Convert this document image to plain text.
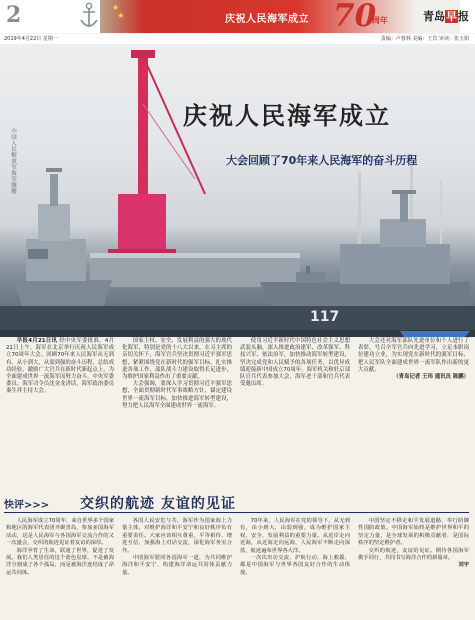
2	★
★	庆祝人民海军成立 70
周年	青岛早报
2019年4月22日 星期一	责编：卢蓉林 美编：王宾 审读：张玉娟
中国人民解放军海军舰艇
庆祝人民海军成立
大会回顾了70年来人民海军的奋斗历程
117

早报4月21日讯 经中央军委批准，4月21日上午，海军在北京举行庆祝人民海军成立70周年大会。回顾70年来人民海军从无到有、从小到大、从弱到强的奋斗历程，总结成功经验，激励广大官兵在新时代新起点上，为全面建成世界一流海军而努力奋斗。中央军委委员、海军司令员沈金龙讲话，海军政治委员秦生祥主持大会。

国家主权、安全、发展利益的强大的现代化海军，特别是党的十八大以来，在习主席的亲切关怀下，海军官兵坚决贯彻习近平强军思想，紧紧围绕党在新时代的强军目标，扎实推进各项工作，部队战斗力建设取得长足进步，为维护国家利益作出了重要贡献。

大会强调，要深入学习贯彻习近平强军思想，全面贯彻新时代军事战略方针，锚定建设世界一流海军目标，加快推进海军转型建设，努力把人民海军全面建成世界一流海军。

使用习近平新时代中国特色社会主义思想武装头脑，深入推进政治建军、改革强军、科技兴军、依法治军，加快推动海军转型建设，坚决完成党和人民赋予的各项任务，以优异成绩迎接新中国成立70周年。海军机关和驻京部队官兵代表参加大会，海军老干部和官兵代表受邀出席。

大会还对海军部队先进单位和个人进行了表彰，号召全军官兵向先进学习，立足本职岗位建功立业，为实现党在新时代的强军目标、把人民军队全面建成世界一流军队作出新的更大贡献。

（青岛记者 王玮 通讯员 陈鹏）
快评>>> 交织的航迹 友谊的见证

人民海军成立70周年，来自世界多个国家和地区的海军代表团齐聚青岛，参加多国海军活动，这是人民海军与各国海军交流合作的又一次盛会，交织的航迹见证着友谊的深厚。

海洋孕育了生命，联通了世界，促进了发展。我们人类居住的这个蓝色星球，不是被海洋分割成了各个孤岛，而是被海洋连结成了命运共同体。

各国人民安危与共，海军作为国家海上力量主体，对维护海洋和平安宁和良好秩序负有重要责任。大家应该相互尊重、平等相待、增进互信，加强海上对话交流，深化海军务实合作。

中国海军愿同各国海军一道，为共同维护海洋和平安宁、构建海洋命运共同体贡献力量。

70年来，人民海军在党的领导下，从无到有，由小到大，由弱到强，成为维护国家主权、安全、发展利益的重要力量。从近岸走向近海，从近海走向远海，人民海军不断走向深蓝，航迹遍布世界各大洋。

一次次出访交流、护航行动、海上救援，都是中国海军与世界各国友好合作的生动体现。

中国坚定不移走和平发展道路，奉行防御性国防政策。中国海军始终是维护世界和平的坚定力量，是全球发展的积极贡献者，是国际秩序的坚定维护者。

交织的航迹，友谊的见证。期待各国海军携手同行，共同书写海洋合作的新篇章。

刘宇
